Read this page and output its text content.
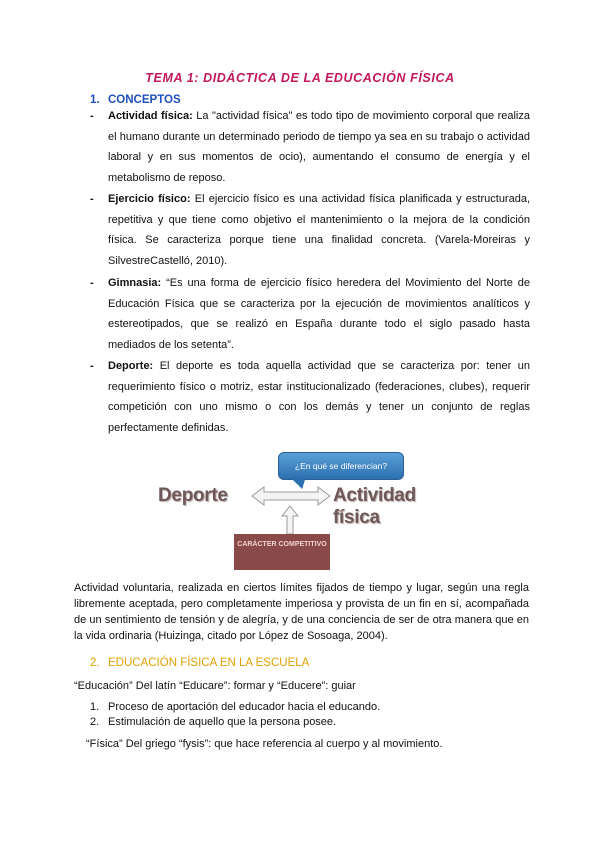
TEMA 1: DIDÁCTICA DE LA EDUCACIÓN FÍSICA
1. CONCEPTOS
- Actividad física: La "actividad física" es todo tipo de movimiento corporal que realiza el humano durante un determinado periodo de tiempo ya sea en su trabajo o actividad laboral y en sus momentos de ocio), aumentando el consumo de energía y el metabolismo de reposo.
- Ejercicio físico: El ejercicio físico es una actividad física planificada y estructurada, repetitiva y que tiene como objetivo el mantenimiento o la mejora de la condición física. Se caracteriza porque tiene una finalidad concreta. (Varela-Moreiras y SilvestreCastelló, 2010).
- Gimnasia: “Es una forma de ejercicio físico heredera del Movimiento del Norte de Educación Física que se caracteriza por la ejecución de movimientos analíticos y estereotipados, que se realizó en España durante todo el siglo pasado hasta mediados de los setenta”.
- Deporte: El deporte es toda aquella actividad que se caracteriza por: tener un requerimiento físico o motriz, estar institucionalizado (federaciones, clubes), requerir competición con uno mismo o con los demás y tener un conjunto de reglas perfectamente definidas.
¿En qué se diferencian?
Deporte	Actividad física
CARÁCTER COMPETITIVO
Actividad voluntaria, realizada en ciertos límites fijados de tiempo y lugar, según una regla libremente aceptada, pero completamente imperiosa y provista de un fin en sí, acompañada de un sentimiento de tensión y de alegría, y de una conciencia de ser de otra manera que en la vida ordinaria (Huizinga, citado por López de Sosoaga, 2004).
2. EDUCACIÓN FÍSICA EN LA ESCUELA
“Educación” Del latín “Educare”: formar y “Educere”: guiar
1. Proceso de aportación del educador hacia el educando.
2. Estimulación de aquello que la persona posee.
“Física” Del griego “fysis”: que hace referencia al cuerpo y al movimiento.
